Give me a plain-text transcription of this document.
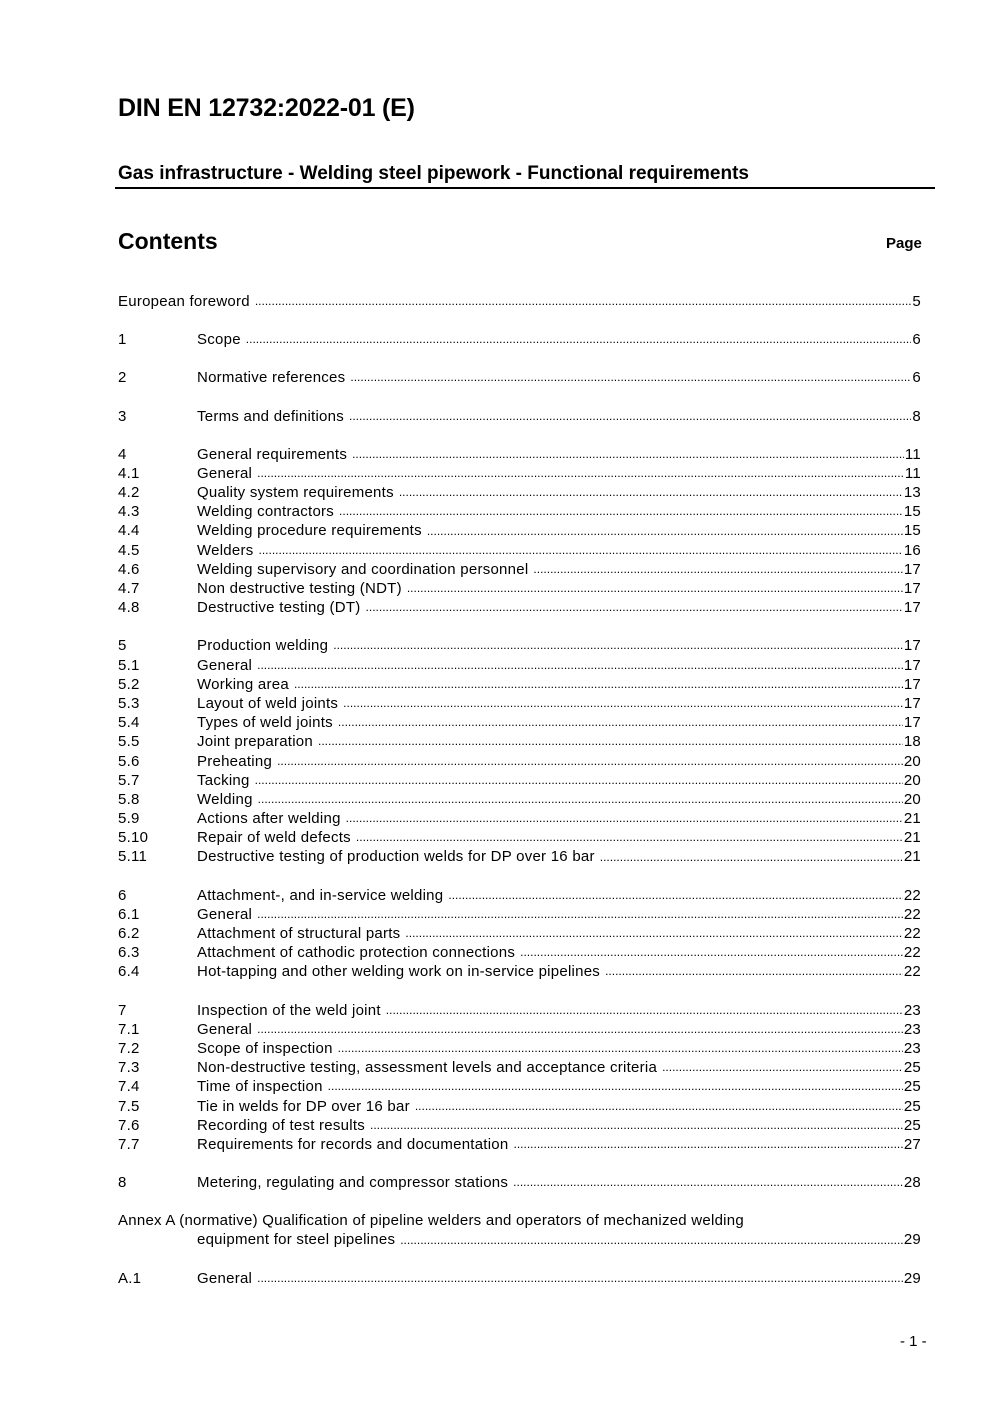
DIN EN 12732:2022-01 (E)
Gas infrastructure - Welding steel pipework - Functional requirements
Contents	Page
European foreword .....	5
1	Scope .....	6
2	Normative references .....	6
3	Terms and definitions .....	8
4	General requirements .....	11
4.1	General .....	11
4.2	Quality system requirements .....	13
4.3	Welding contractors .....	15
4.4	Welding procedure requirements .....	15
4.5	Welders .....	16
4.6	Welding supervisory and coordination personnel .....	17
4.7	Non destructive testing (NDT) .....	17
4.8	Destructive testing (DT) .....	17
5	Production welding .....	17
5.1	General .....	17
5.2	Working area .....	17
5.3	Layout of weld joints .....	17
5.4	Types of weld joints .....	17
5.5	Joint preparation .....	18
5.6	Preheating .....	20
5.7	Tacking .....	20
5.8	Welding .....	20
5.9	Actions after welding .....	21
5.10	Repair of weld defects .....	21
5.11	Destructive testing of production welds for DP over 16 bar .....	21
6	Attachment-, and in-service welding .....	22
6.1	General .....	22
6.2	Attachment of structural parts .....	22
6.3	Attachment of cathodic protection connections .....	22
6.4	Hot-tapping and other welding work on in-service pipelines .....	22
7	Inspection of the weld joint .....	23
7.1	General .....	23
7.2	Scope of inspection .....	23
7.3	Non-destructive testing, assessment levels and acceptance criteria .....	25
7.4	Time of inspection .....	25
7.5	Tie in welds for DP over 16 bar .....	25
7.6	Recording of test results .....	25
7.7	Requirements for records and documentation .....	27
8	Metering, regulating and compressor stations .....	28
Annex A (normative) Qualification of pipeline welders and operators of mechanized welding
equipment for steel pipelines .....	29
A.1	General .....	29
- 1 -
